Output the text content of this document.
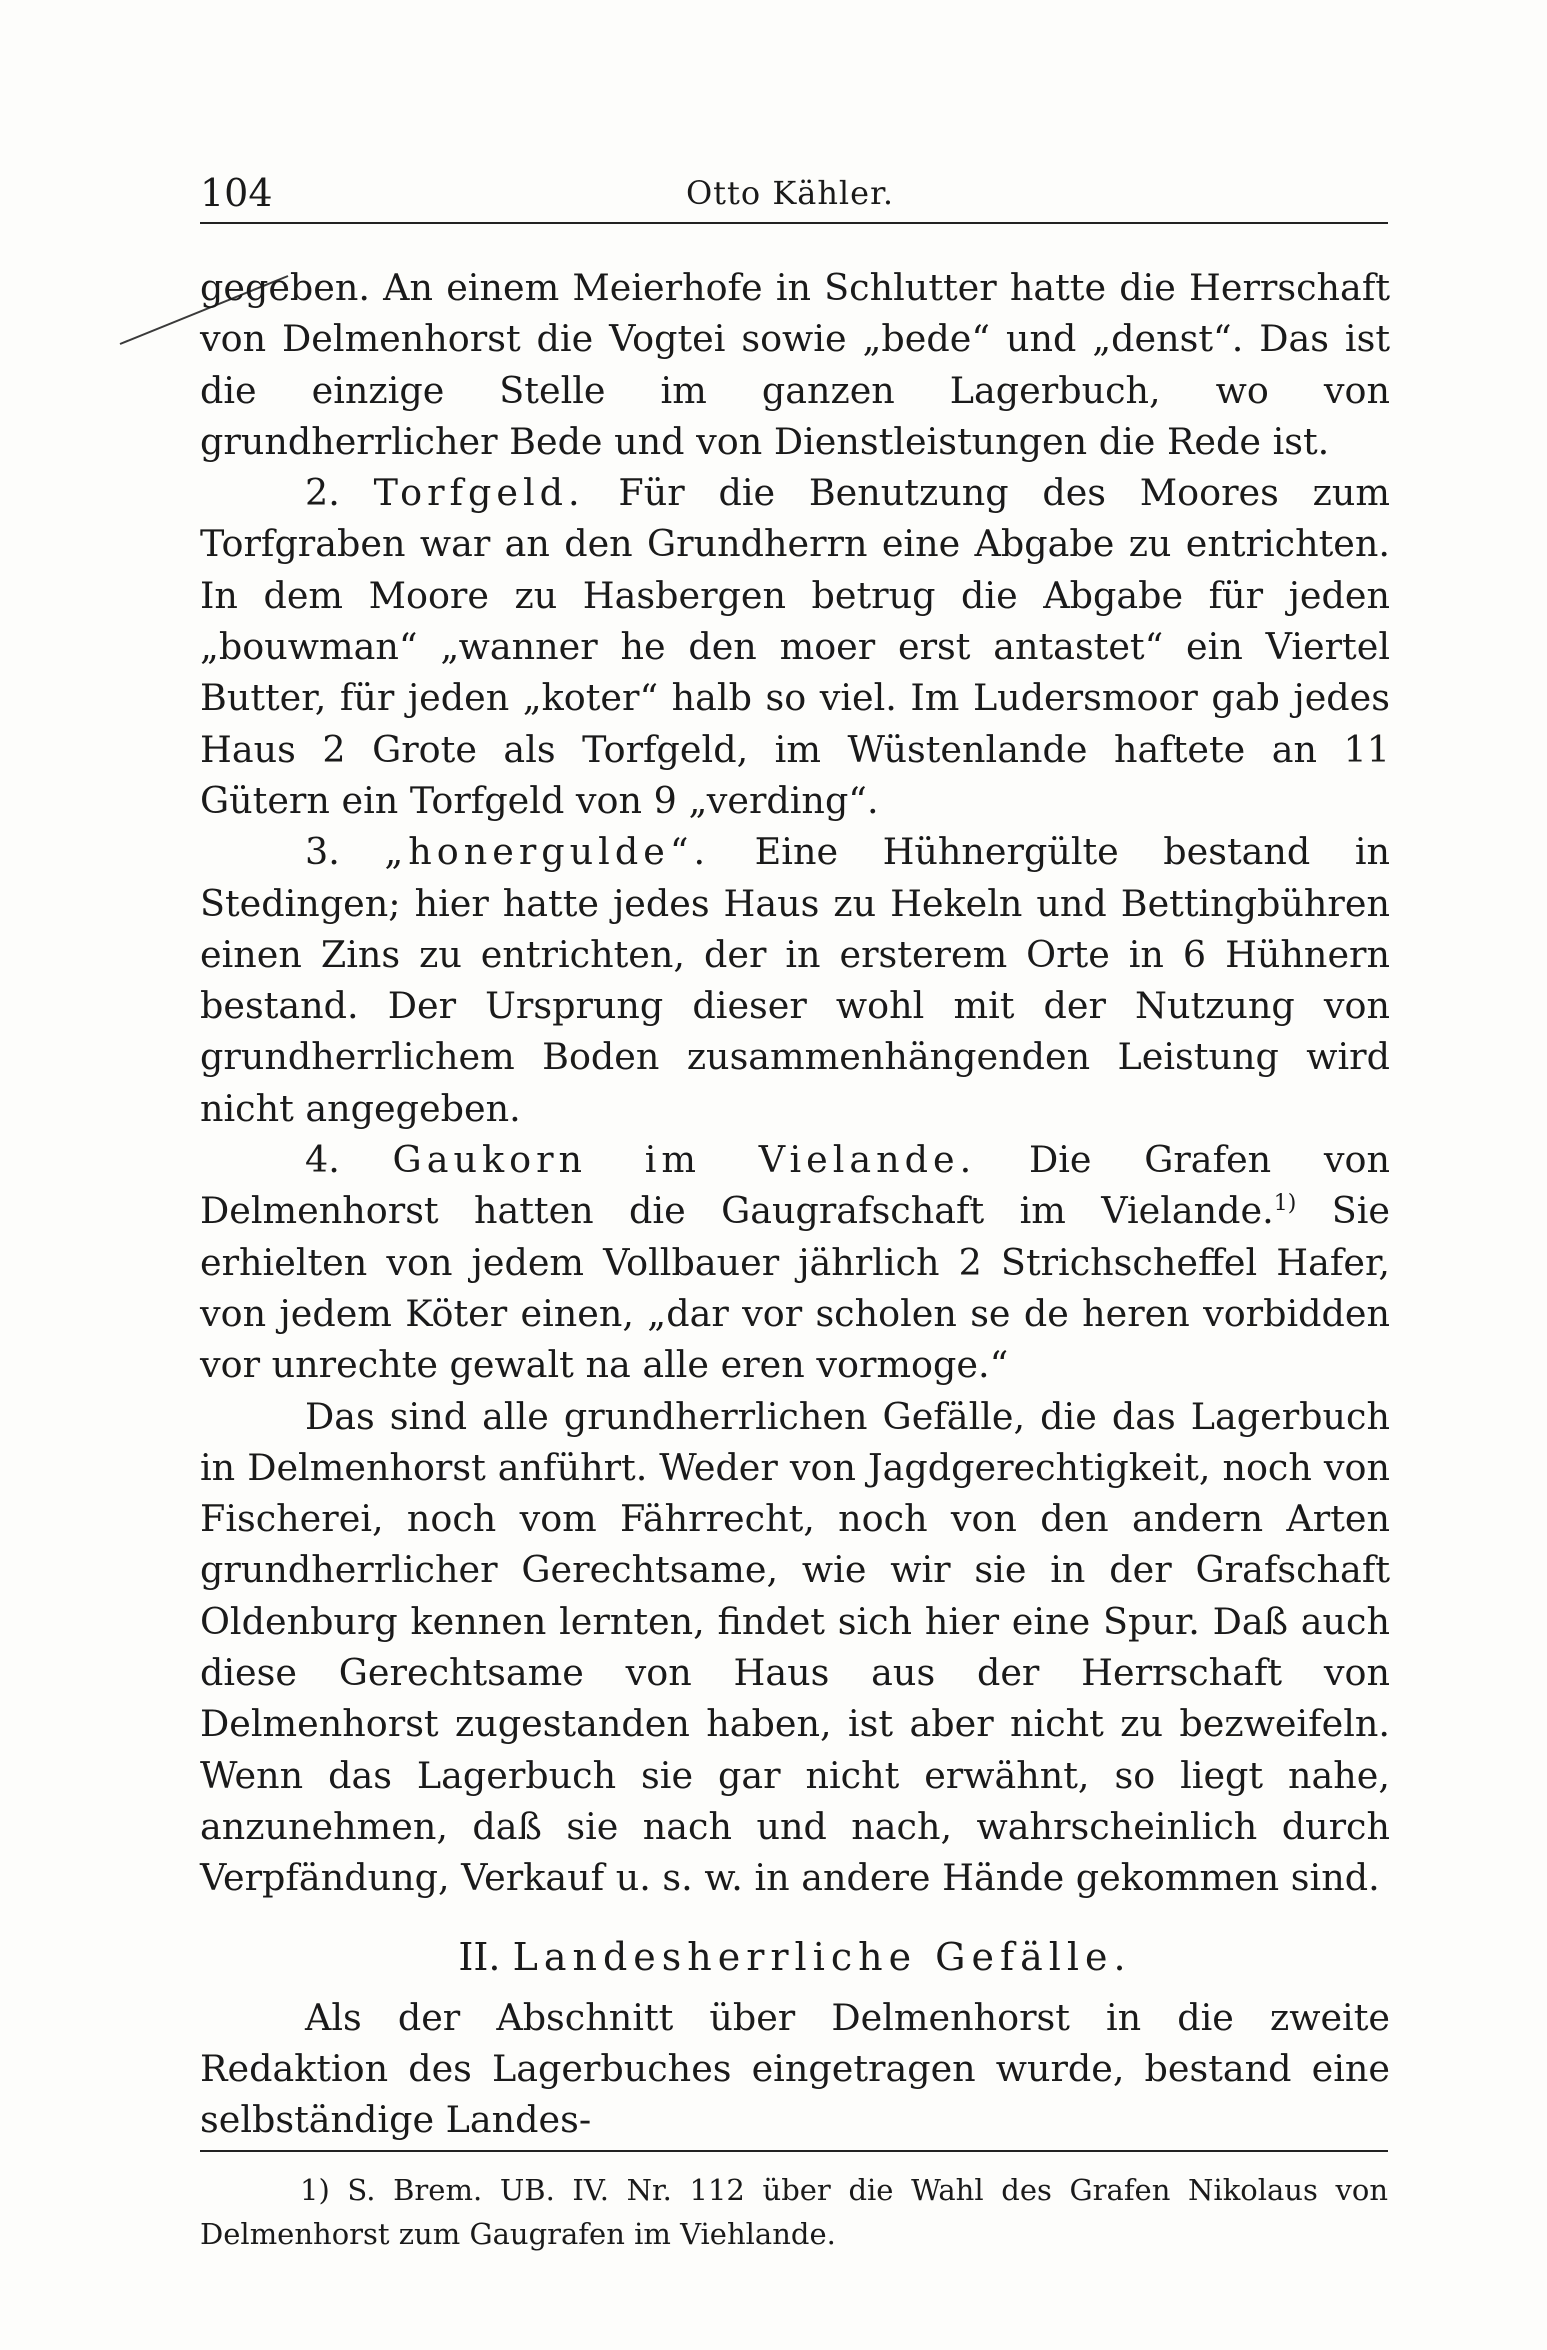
104	Otto Kähler.

gegeben. An einem Meierhofe in Schlutter hatte die Herrschaft von Delmenhorst die Vogtei sowie „bede“ und „denst“. Das ist die einzige Stelle im ganzen Lagerbuch, wo von grundherrlicher Bede und von Dienstleistungen die Rede ist.

2. Torfgeld. Für die Benutzung des Moores zum Torfgraben war an den Grundherrn eine Abgabe zu entrichten. In dem Moore zu Hasbergen betrug die Abgabe für jeden „bouwman“ „wanner he den moer erst antastet“ ein Viertel Butter, für jeden „koter“ halb so viel. Im Ludersmoor gab jedes Haus 2 Grote als Torfgeld, im Wüstenlande haftete an 11 Gütern ein Torfgeld von 9 „verding“.

3. „honergulde“. Eine Hühnergülte bestand in Stedingen; hier hatte jedes Haus zu Hekeln und Bettingbühren einen Zins zu entrichten, der in ersterem Orte in 6 Hühnern bestand. Der Ursprung dieser wohl mit der Nutzung von grundherrlichem Boden zusammenhängenden Leistung wird nicht angegeben.

4. Gaukorn im Vielande. Die Grafen von Delmenhorst hatten die Gaugrafschaft im Vielande.$^{1)}$ Sie erhielten von jedem Vollbauer jährlich 2 Strichscheffel Hafer, von jedem Köter einen, „dar vor scholen se de heren vorbidden vor unrechte gewalt na alle eren vormoge.“

Das sind alle grundherrlichen Gefälle, die das Lagerbuch in Delmenhorst anführt. Weder von Jagdgerechtigkeit, noch von Fischerei, noch vom Fährrecht, noch von den andern Arten grundherrlicher Gerechtsame, wie wir sie in der Grafschaft Oldenburg kennen lernten, findet sich hier eine Spur. Daß auch diese Gerechtsame von Haus aus der Herrschaft von Delmenhorst zugestanden haben, ist aber nicht zu bezweifeln. Wenn das Lagerbuch sie gar nicht erwähnt, so liegt nahe, anzunehmen, daß sie nach und nach, wahrscheinlich durch Verpfändung, Verkauf u. s. w. in andere Hände gekommen sind.

II. Landesherrliche Gefälle.

Als der Abschnitt über Delmenhorst in die zweite Redaktion des Lagerbuches eingetragen wurde, bestand eine selbständige Landes-

1) S. Brem. UB. IV. Nr. 112 über die Wahl des Grafen Nikolaus von Delmenhorst zum Gaugrafen im Viehlande.
